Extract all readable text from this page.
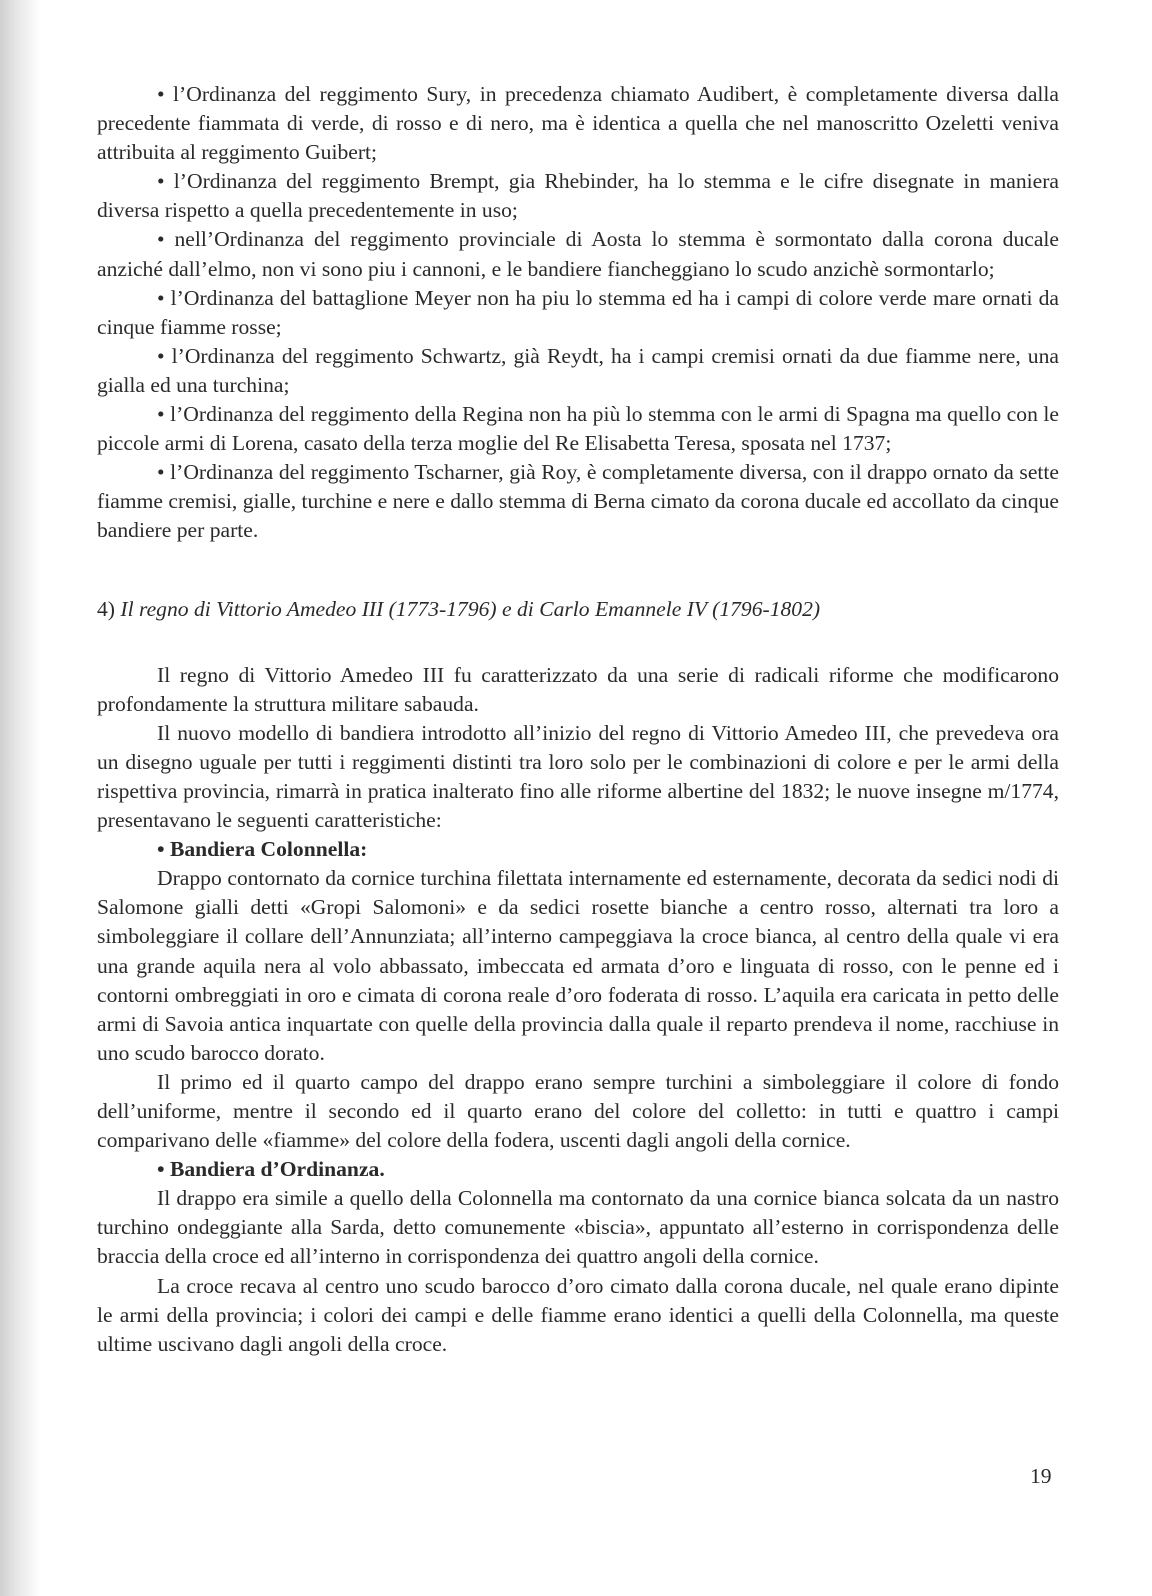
• l’Ordinanza del reggimento Sury, in precedenza chiamato Audibert, è completamente diversa dalla precedente fiammata di verde, di rosso e di nero, ma è identica a quella che nel manoscritto Ozeletti veniva attribuita al reggimento Guibert;

• l’Ordinanza del reggimento Brempt, gia Rhebinder, ha lo stemma e le cifre disegnate in maniera diversa rispetto a quella precedentemente in uso;

• nell’Ordinanza del reggimento provinciale di Aosta lo stemma è sormontato dalla corona ducale anziché dall’elmo, non vi sono piu i cannoni, e le bandiere fiancheggiano lo scudo anzichè sormontarlo;

• l’Ordinanza del battaglione Meyer non ha piu lo stemma ed ha i campi di colore verde mare ornati da cinque fiamme rosse;

• l’Ordinanza del reggimento Schwartz, già Reydt, ha i campi cremisi ornati da due fiamme nere, una gialla ed una turchina;

• l’Ordinanza del reggimento della Regina non ha più lo stemma con le armi di Spagna ma quello con le piccole armi di Lorena, casato della terza moglie del Re Elisabetta Teresa, sposata nel 1737;

• l’Ordinanza del reggimento Tscharner, già Roy, è completamente diversa, con il drappo ornato da sette fiamme cremisi, gialle, turchine e nere e dallo stemma di Berna cimato da corona ducale ed accollato da cinque bandiere per parte.

4) Il regno di Vittorio Amedeo III (1773-1796) e di Carlo Emannele IV (1796-1802)

Il regno di Vittorio Amedeo III fu caratterizzato da una serie di radicali riforme che modificarono profondamente la struttura militare sabauda.

Il nuovo modello di bandiera introdotto all’inizio del regno di Vittorio Amedeo III, che prevedeva ora un disegno uguale per tutti i reggimenti distinti tra loro solo per le combinazioni di colore e per le armi della rispettiva provincia, rimarrà in pratica inalterato fino alle riforme albertine del 1832; le nuove insegne m/1774, presentavano le seguenti caratteristiche:

• Bandiera Colonnella:

Drappo contornato da cornice turchina filettata internamente ed esternamente, decorata da sedici nodi di Salomone gialli detti «Gropi Salomoni» e da sedici rosette bianche a centro rosso, alternati tra loro a simboleggiare il collare dell’Annunziata; all’interno campeggiava la croce bianca, al centro della quale vi era una grande aquila nera al volo abbassato, imbeccata ed armata d’oro e linguata di rosso, con le penne ed i contorni ombreggiati in oro e cimata di corona reale d’oro foderata di rosso. L’aquila era caricata in petto delle armi di Savoia antica inquartate con quelle della provincia dalla quale il reparto prendeva il nome, racchiuse in uno scudo barocco dorato.

Il primo ed il quarto campo del drappo erano sempre turchini a simboleggiare il colore di fondo dell’uniforme, mentre il secondo ed il quarto erano del colore del colletto: in tutti e quattro i campi comparivano delle «fiamme» del colore della fodera, uscenti dagli angoli della cornice.

• Bandiera d’Ordinanza.

Il drappo era simile a quello della Colonnella ma contornato da una cornice bianca solcata da un nastro turchino ondeggiante alla Sarda, detto comunemente «biscia», appuntato all’esterno in corrispondenza delle braccia della croce ed all’interno in corrispondenza dei quattro angoli della cornice.

La croce recava al centro uno scudo barocco d’oro cimato dalla corona ducale, nel quale erano dipinte le armi della provincia; i colori dei campi e delle fiamme erano identici a quelli della Colonnella, ma queste ultime uscivano dagli angoli della croce.

19
